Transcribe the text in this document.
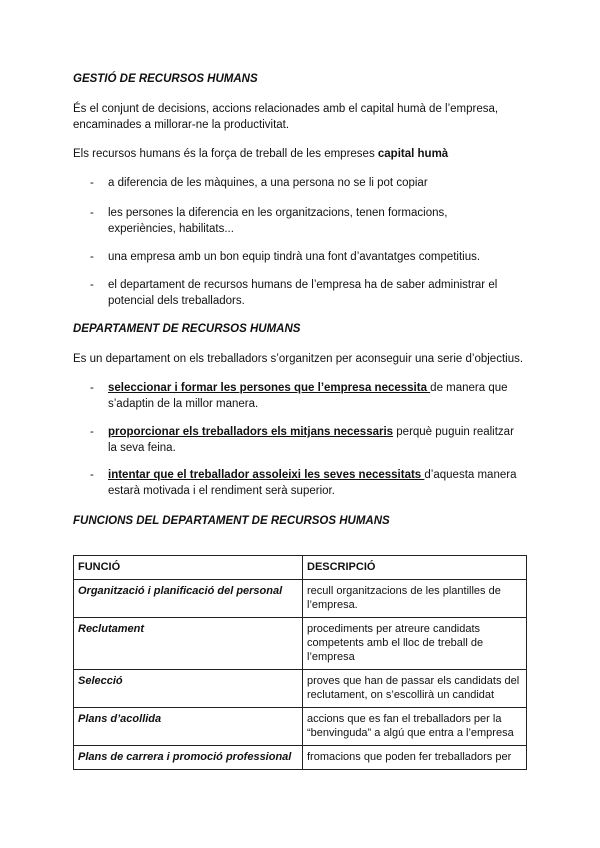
GESTIÓ DE RECURSOS HUMANS
És el conjunt de decisions, accions relacionades amb el capital humà de l’empresa, encaminades a millorar-ne la productivitat.
Els recursos humans és la força de treball de les empreses capital humà
- a diferencia de les màquines, a una persona no se li pot copiar
- les persones la diferencia en les organitzacions, tenen formacions, experiències, habilitats...
- una empresa amb un bon equip tindrà una font d’avantatges competitius.
- el departament de recursos humans de l’empresa ha de saber administrar el potencial dels treballadors.
DEPARTAMENT DE RECURSOS HUMANS
Es un departament on els treballadors s’organitzen per aconseguir una serie d’objectius.
- seleccionar i formar les persones que l’empresa necessita de manera que s’adaptin de la millor manera.
- proporcionar els treballadors els mitjans necessaris perquè puguin realitzar la seva feina.
- intentar que el treballador assoleixi les seves necessitats d’aquesta manera estarà motivada i el rendiment serà superior.
FUNCIONS DEL DEPARTAMENT DE RECURSOS HUMANS
FUNCIÓ	DESCRIPCIÓ
Organització i planificació del personal	recull organitzacions de les plantilles de l’empresa.
Reclutament	procediments per atreure candidats competents amb el lloc de treball de l’empresa
Selecció	proves que han de passar els candidats del reclutament, on s’escollirà un candidat
Plans d’acollida	accions que es fan el treballadors per la “benvinguda” a algú que entra a l’empresa
Plans de carrera i promoció professional	fromacions que poden fer treballadors per
